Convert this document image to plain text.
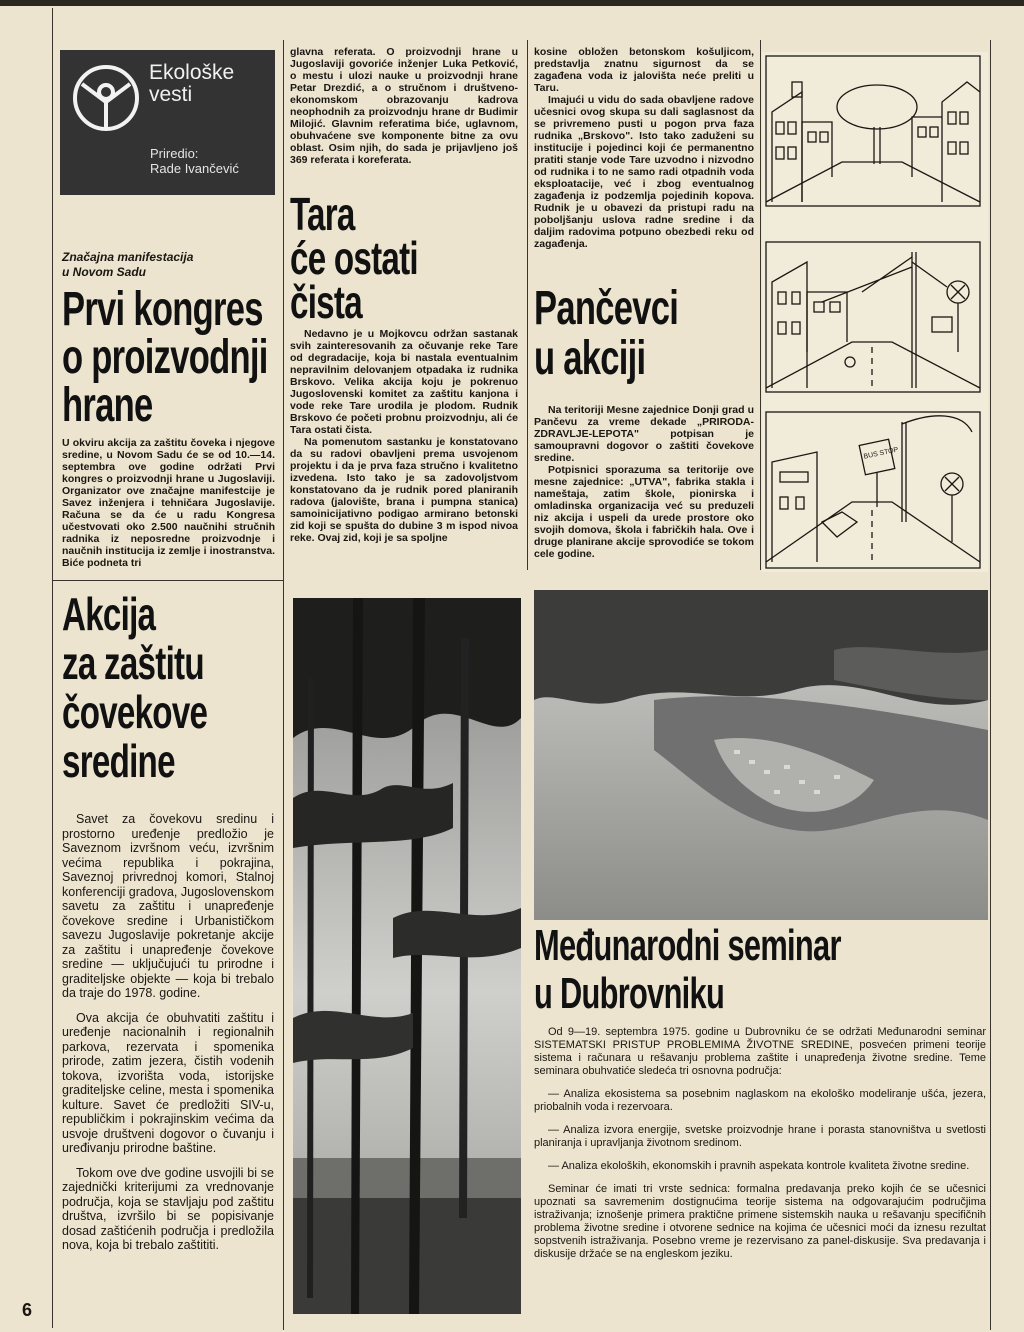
Ekološke
vesti
Priredio:
Rade Ivančević
Značajna manifestacija
u Novom Sadu
Prvi kongres
o proizvodnji
hrane
U okviru akcija za zaštitu čoveka i njegove sredine, u Novom Sadu će se od 10.—14. septembra ove godine održati Prvi kongres o proizvodnji hrane u Jugoslaviji. Organizator ove značajne manifestcije je Savez inženjera i tehničara Jugoslavije. Računa se da će u radu Kongresa učestvovati oko 2.500 naučnihi stručnih radnika iz neposredne proizvodnje i naučnih institucija iz zemlje i inostranstva. Biće podneta tri
glavna referata. O proizvodnji hrane u Jugoslaviji govoriće inženjer Luka Petković, o mestu i ulozi nauke u proizvodnji hrane Petar Drezdić, a o stručnom i društveno-ekonomskom obrazovanju kadrova neophodnih za proizvodnju hrane dr Budimir Milojić. Glavnim referatima biće, uglavnom, obuhvaćene sve komponente bitne za ovu oblast. Osim njih, do sada je prijavljeno još 369 referata i koreferata.
Tara
će ostati
čista
Nedavno je u Mojkovcu održan sastanak svih zainteresovanih za očuvanje reke Tare od degradacije, koja bi nastala eventualnim nepravilnim delovanjem otpadaka iz rudnika Brskovo. Velika akcija koju je pokrenuo Jugoslovenski komitet za zaštitu kanjona i vode reke Tare urodila je plodom. Rudnik Brskovo će početi probnu proizvodnju, ali će Tara ostati čista.
Na pomenutom sastanku je konstatovano da su radovi obavljeni prema usvojenom projektu i da je prva faza stručno i kvalitetno izvedena. Isto tako je sa zadovoljstvom konstatovano da je rudnik pored planiranih radova (jalovište, brana i pumpna stanica) samoinicijativno podigao armirano betonski zid koji se spušta do dubine 3 m ispod nivoa reke. Ovaj zid, koji je sa spoljne
kosine obložen betonskom košuljicom, predstavlja znatnu sigurnost da se zagađena voda iz jalovišta neće preliti u Taru.
Imajući u vidu do sada obavljene radove učesnici ovog skupa su dali saglasnost da se privremeno pusti u pogon prva faza rudnika „Brskovo". Isto tako zaduženi su institucije i pojedinci koji će permanentno pratiti stanje vode Tare uzvodno i nizvodno od rudnika i to ne samo radi otpadnih voda eksploatacije, već i zbog eventualnog zagađenja iz podzemlja pojedinih kopova. Rudnik je u obavezi da pristupi radu na poboljšanju uslova radne sredine i da daljim radovima potpuno obezbedi reku od zagađenja.
Pančevci
u akciji
Na teritoriji Mesne zajednice Donji grad u Pančevu za vreme dekade „PRIRODA-ZDRAVLJE-LEPOTA" potpisan je samoupravni dogovor o zaštiti čovekove sredine.
Potpisnici sporazuma sa teritorije ove mesne zajednice: „UTVA", fabrika stakla i nameštaja, zatim škole, pionirska i omladinska organizacija već su preduzeli niz akcija i uspeli da urede prostore oko svojih domova, škola i fabričkih hala. Ove i druge planirane akcije sprovodiće se tokom cele godine.
BUS STOP
Akcija
za zaštitu
čovekove
sredine
Savet za čovekovu sredinu i prostorno uređenje predložio je Saveznom izvršnom veću, izvršnim većima republika i pokrajina, Saveznoj privrednoj komori, Stalnoj konferenciji gradova, Jugoslovenskom savetu za zaštitu i unapređenje čovekove sredine i Urbanističkom savezu Jugoslavije pokretanje akcije za zaštitu i unapređenje čovekove sredine — uključujući tu prirodne i graditeljske objekte — koja bi trebalo da traje do 1978. godine.
Ova akcija će obuhvatiti zaštitu i uređenje nacionalnih i regionalnih parkova, rezervata i spomenika prirode, zatim jezera, čistih vodenih tokova, izvorišta voda, istorijske graditeljske celine, mesta i spomenika kulture. Savet će predložiti SIV-u, republičkim i pokrajinskim većima da usvoje društveni dogovor o čuvanju i uređivanju prirodne baštine.
Tokom ove dve godine usvojili bi se zajednički kriterijumi za vrednovanje područja, koja se stavljaju pod zaštitu društva, izvršilo bi se popisivanje dosad zaštićenih područja i predložila nova, koja bi trebalo zaštititi.
Međunarodni seminar
u Dubrovniku
Od 9—19. septembra 1975. godine u Dubrovniku će se održati Međunarodni seminar SISTEMATSKI PRISTUP PROBLEMIMA ŽIVOTNE SREDINE, posvećen primeni teorije sistema i računara u rešavanju problema zaštite i unapređenja životne sredine. Teme seminara obuhvatiće sledeća tri osnovna područja:
— Analiza ekosistema sa posebnim naglaskom na ekološko modeliranje ušća, jezera, priobalnih voda i rezervoara.
— Analiza izvora energije, svetske proizvodnje hrane i porasta stanovništva u svetlosti planiranja i upravljanja životnom sredinom.
— Analiza ekoloških, ekonomskih i pravnih aspekata kontrole kvaliteta životne sredine.
Seminar će imati tri vrste sednica: formalna predavanja preko kojih će se učesnici upoznati sa savremenim dostignućima teorije sistema na odgovarajućim područjima istraživanja; iznošenje primera praktične primene sistemskih nauka u rešavanju specifičnih problema životne sredine i otvorene sednice na kojima će učesnici moći da iznesu rezultat sopstvenih istraživanja. Posebno vreme je rezervisano za panel-diskusije. Sva predavanja i diskusije držaće se na engleskom jeziku.
6
